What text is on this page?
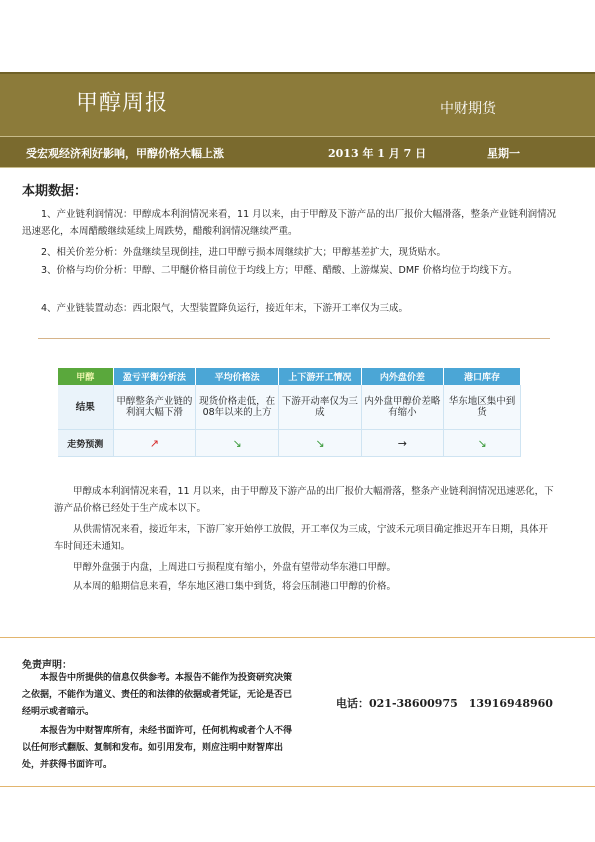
甲醇周报	中财期货
受宏观经济利好影响，甲醇价格大幅上涨	2013 年 1 月 7 日	星期一
本期数据：
1、产业链利润情况：甲醇成本利润情况来看，11 月以来，由于甲醇及下游产品的出厂报价大幅滑落，整条产业链利润情况迅速恶化，本周醋酸继续延续上周跌势，醋酸利润情况继续严重。
2、相关价差分析：外盘继续呈现倒挂，进口甲醇亏损本周继续扩大；甲醇基差扩大，现货贴水。
3、价格与均价分析：甲醇、二甲醚价格目前位于均线上方；甲醛、醋酸、上游煤炭、DMF 价格均位于均线下方。
4、产业链装置动态：西北限气，大型装置降负运行，接近年末，下游开工率仅为三成。
甲醇	盈亏平衡分析法	平均价格法	上下游开工情况	内外盘价差	港口库存
结果	甲醇整条产业链的利润大幅下滑	现货价格走低，在08年以来的上方	下游开动率仅为三成	内外盘甲醇价差略有缩小	华东地区集中到货
走势预测	↗	↘	↘	→	↘
甲醇成本利润情况来看，11 月以来，由于甲醇及下游产品的出厂报价大幅滑落，整条产业链利润情况迅速恶化，下游产品价格已经处于生产成本以下。
从供需情况来看，接近年末，下游厂家开始停工放假，开工率仅为三成，宁波禾元项目确定推迟开车日期，具体开车时间还未通知。
甲醇外盘强于内盘，上周进口亏损程度有缩小，外盘有望带动华东港口甲醇。
从本周的船期信息来看，华东地区港口集中到货，将会压制港口甲醇的价格。
免责声明：
本报告中所提供的信息仅供参考。本报告不能作为投资研究决策之依据，不能作为道义、责任的和法律的依据或者凭证，无论是否已经明示或者暗示。
本报告为中财智库所有，未经书面许可，任何机构或者个人不得以任何形式翻版、复制和发布。如引用发布，则应注明中财智库出处，并获得书面许可。
电话：021-38600975　13916948960
